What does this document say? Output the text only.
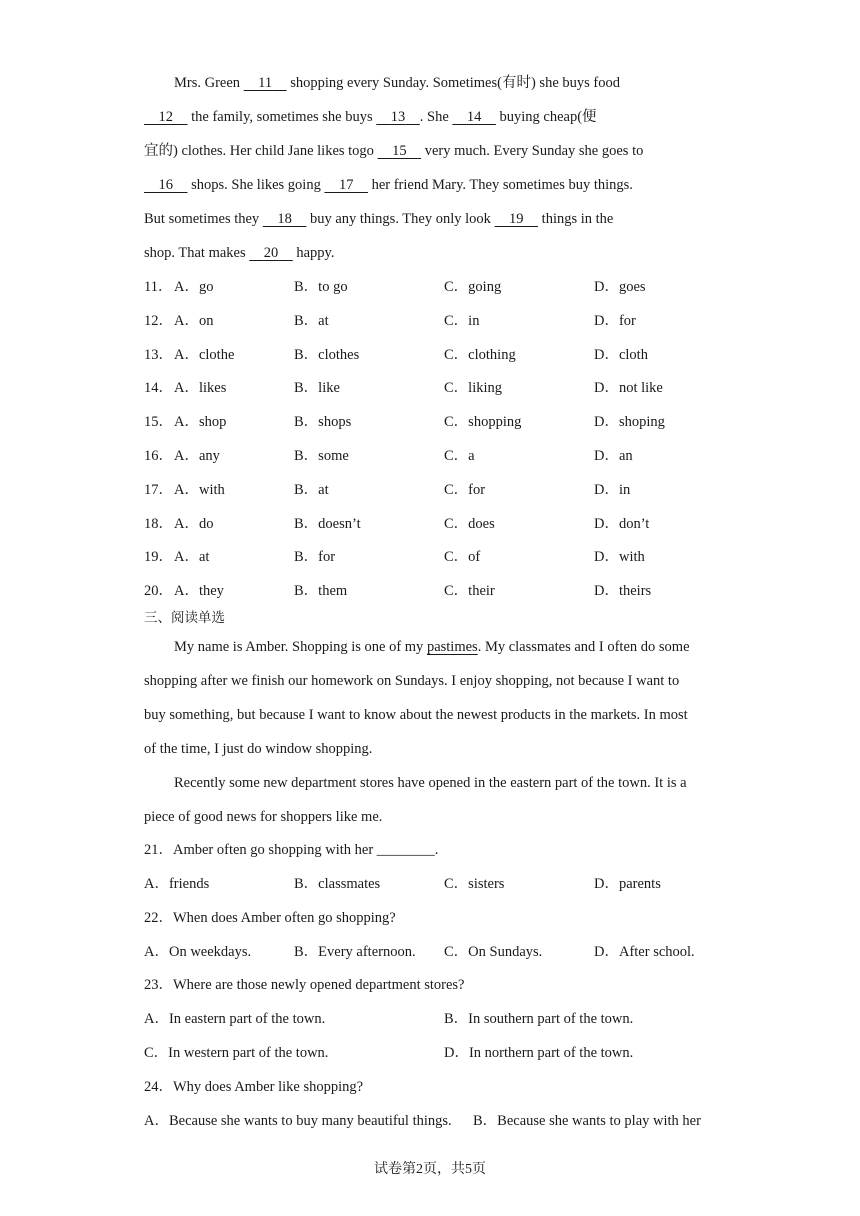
Mrs. Green 11 shopping every Sunday. Sometimes(有时) she buys food
12 the family, sometimes she buys 13 . She 14 buying cheap(便
宜的) clothes. Her child Jane likes togo 15 very much. Every Sunday she goes to
16 shops. She likes going 17 her friend Mary. They sometimes buy things.
But sometimes they 18 buy any things. They only look 19 things in the
shop. That makes 20 happy.
11． A．go	B．to go	C．going	D．goes
12． A．on	B．at	C．in	D．for
13． A．clothe	B．clothes	C．clothing	D．cloth
14． A．likes	B．like	C．liking	D．not like
15． A．shop	B．shops	C．shopping	D．shoping
16． A．any	B．some	C．a	D．an
17． A．with	B．at	C．for	D．in
18． A．do	B．doesn’t	C．does	D．don’t
19． A．at	B．for	C．of	D．with
20． A．they	B．them	C．their	D．theirs
三、阅读单选
My name is Amber. Shopping is one of my pastimes. My classmates and I often do some
shopping after we finish our homework on Sundays. I enjoy shopping, not because I want to
buy something, but because I want to know about the newest products in the markets. In most
of the time, I just do window shopping.
Recently some new department stores have opened in the eastern part of the town. It is a
piece of good news for shoppers like me.
21．Amber often go shopping with her ________.
A．friends	B．classmates	C．sisters	D．parents
22．When does Amber often go shopping?
A．On weekdays.	B．Every afternoon. C．On Sundays.	D．After school.
23．Where are those newly opened department stores?
A．In eastern part of the town.	B．In southern part of the town.
C．In western part of the town.	D．In northern part of the town.
24．Why does Amber like shopping?
A．Because she wants to buy many beautiful things. B．Because she wants to play with her
试卷第2页，共5页
